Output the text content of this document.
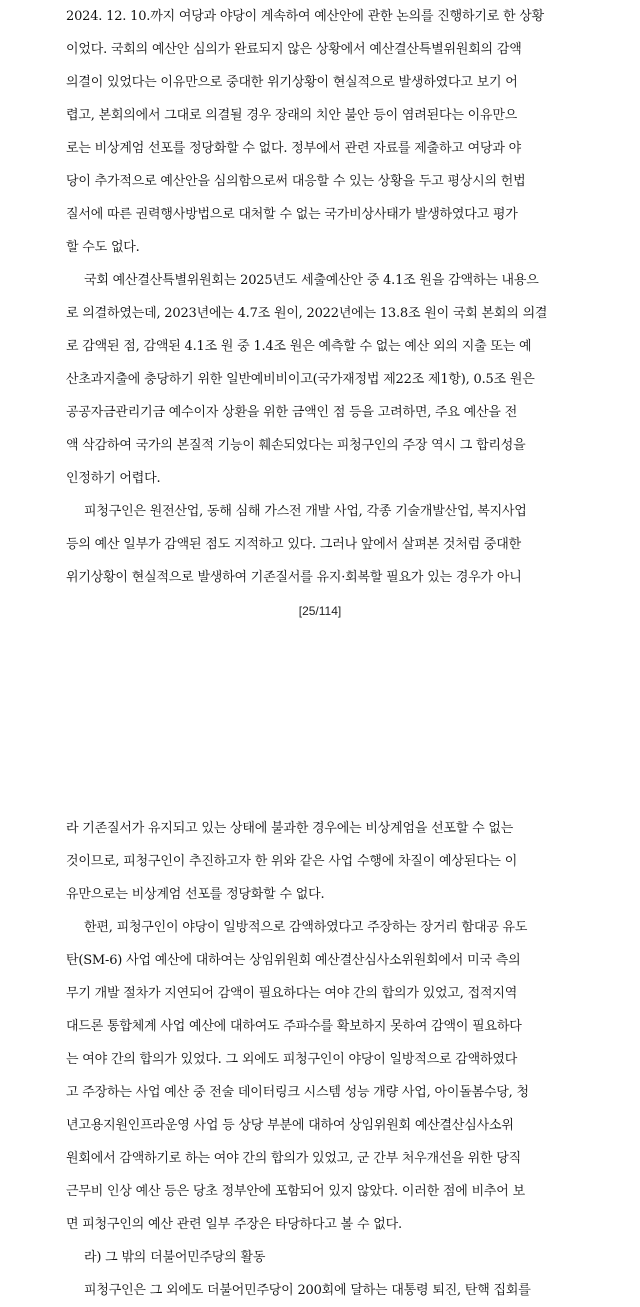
2024. 12. 10.까지 여당과 야당이 계속하여 예산안에 관한 논의를 진행하기로 한 상황
이었다. 국회의 예산안 심의가 완료되지 않은 상황에서 예산결산특별위원회의 감액
의결이 있었다는 이유만으로 중대한 위기상황이 현실적으로 발생하였다고 보기 어
렵고, 본회의에서 그대로 의결될 경우 장래의 치안 불안 등이 염려된다는 이유만으
로는 비상계엄 선포를 정당화할 수 없다. 정부에서 관련 자료를 제출하고 여당과 야
당이 추가적으로 예산안을 심의함으로써 대응할 수 있는 상황을 두고 평상시의 헌법
질서에 따른 권력행사방법으로 대처할 수 없는 국가비상사태가 발생하였다고 평가
할 수도 없다.
국회 예산결산특별위원회는 2025년도 세출예산안 중 4.1조 원을 감액하는 내용으
로 의결하였는데, 2023년에는 4.7조 원이, 2022년에는 13.8조 원이 국회 본회의 의결
로 감액된 점, 감액된 4.1조 원 중 1.4조 원은 예측할 수 없는 예산 외의 지출 또는 예
산초과지출에 충당하기 위한 일반예비비이고(국가재정법 제22조 제1항), 0.5조 원은
공공자금관리기금 예수이자 상환을 위한 금액인 점 등을 고려하면, 주요 예산을 전
액 삭감하여 국가의 본질적 기능이 훼손되었다는 피청구인의 주장 역시 그 합리성을
인정하기 어렵다.
피청구인은 원전산업, 동해 심해 가스전 개발 사업, 각종 기술개발산업, 복지사업
등의 예산 일부가 감액된 점도 지적하고 있다. 그러나 앞에서 살펴본 것처럼 중대한
위기상황이 현실적으로 발생하여 기존질서를 유지·회복할 필요가 있는 경우가 아니
[25/114]
라 기존질서가 유지되고 있는 상태에 불과한 경우에는 비상계엄을 선포할 수 없는
것이므로, 피청구인이 추진하고자 한 위와 같은 사업 수행에 차질이 예상된다는 이
유만으로는 비상계엄 선포를 정당화할 수 없다.
한편, 피청구인이 야당이 일방적으로 감액하였다고 주장하는 장거리 함대공 유도
탄(SM-6) 사업 예산에 대하여는 상임위원회 예산결산심사소위원회에서 미국 측의
무기 개발 절차가 지연되어 감액이 필요하다는 여야 간의 합의가 있었고, 접적지역
대드론 통합체계 사업 예산에 대하여도 주파수를 확보하지 못하여 감액이 필요하다
는 여야 간의 합의가 있었다. 그 외에도 피청구인이 야당이 일방적으로 감액하였다
고 주장하는 사업 예산 중 전술 데이터링크 시스템 성능 개량 사업, 아이돌봄수당, 청
년고용지원인프라운영 사업 등 상당 부분에 대하여 상임위원회 예산결산심사소위
원회에서 감액하기로 하는 여야 간의 합의가 있었고, 군 간부 처우개선을 위한 당직
근무비 인상 예산 등은 당초 정부안에 포함되어 있지 않았다. 이러한 점에 비추어 보
면 피청구인의 예산 관련 일부 주장은 타당하다고 볼 수 없다.
라) 그 밖의 더불어민주당의 활동
피청구인은 그 외에도 더불어민주당이 200회에 달하는 대통령 퇴진, 탄핵 집회를
